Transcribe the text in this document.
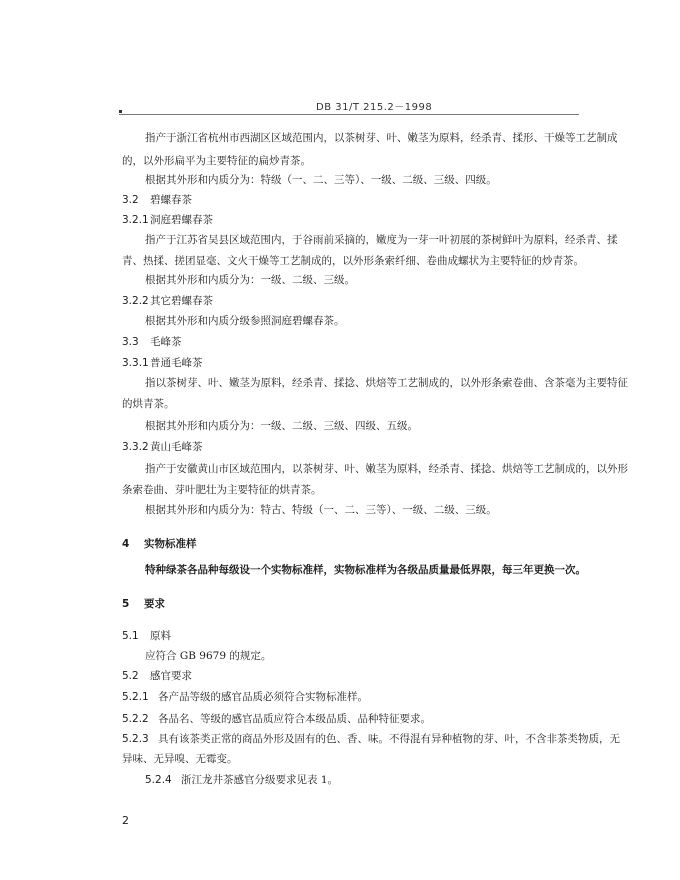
DB 31/T 215.2－1998
指产于浙江省杭州市西湖区区域范围内，以茶树芽、叶、嫩茎为原料，经杀青、揉形、干燥等工艺制成
的，以外形扁平为主要特征的扁炒青茶。
根据其外形和内质分为：特级（一、二、三等）、一级、二级、三级、四级。
3.2 碧螺春茶
3.2.1洞庭碧螺春茶
指产于江苏省吴县区域范围内，于谷雨前采摘的，嫩度为一芽一叶初展的茶树鲜叶为原料，经杀青、揉
青、热揉、搓团显毫、文火干燥等工艺制成的，以外形条索纤细、卷曲成螺状为主要特征的炒青茶。
根据其外形和内质分为：一级、二级、三级。
3.2.2其它碧螺春茶
根据其外形和内质分级参照洞庭碧螺春茶。
3.3 毛峰茶
3.3.1普通毛峰茶
指以茶树芽、叶、嫩茎为原料，经杀青、揉捻、烘焙等工艺制成的，以外形条索卷曲、含茶毫为主要特征
的烘青茶。
根据其外形和内质分为：一级、二级、三级、四级、五级。
3.3.2黄山毛峰茶
指产于安徽黄山市区域范围内，以茶树芽、叶、嫩茎为原料，经杀青、揉捻、烘焙等工艺制成的，以外形
条索卷曲、芽叶肥壮为主要特征的烘青茶。
根据其外形和内质分为：特古、特级（一、二、三等）、一级、二级、三级。
4 实物标准样
特种绿茶各品种每级设一个实物标准样，实物标准样为各级品质量最低界限，每三年更换一次。
5 要求
5.1 原料
应符合 GB 9679 的规定。
5.2 感官要求
5.2.1 各产品等级的感官品质必须符合实物标准样。
5.2.2 各品名、等级的感官品质应符合本级品质、品种特征要求。
5.2.3 具有该茶类正常的商品外形及固有的色、香、味。不得混有异种植物的芽、叶，不含非茶类物质，无
异味、无异嗅、无霉变。
5.2.4 浙江龙井茶感官分级要求见表 1。
2
